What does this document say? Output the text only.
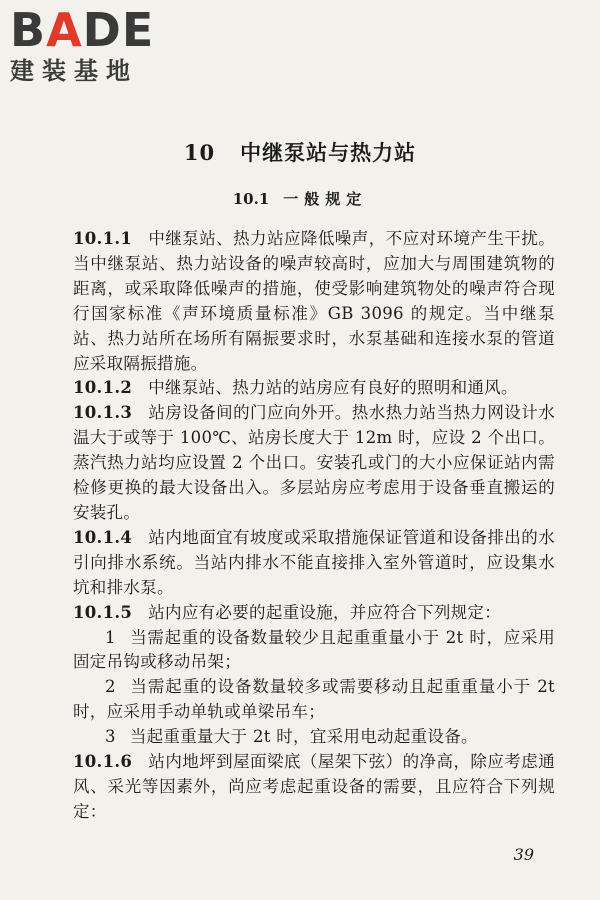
BADE
建装基地
10 中继泵站与热力站
10.1 一般规定

10.1.1 中继泵站、热力站应降低噪声，不应对环境产生干扰。当中继泵站、热力站设备的噪声较高时，应加大与周围建筑物的距离，或采取降低噪声的措施，使受影响建筑物处的噪声符合现行国家标准《声环境质量标准》GB 3096 的规定。当中继泵站、热力站所在场所有隔振要求时，水泵基础和连接水泵的管道应采取隔振措施。

10.1.2 中继泵站、热力站的站房应有良好的照明和通风。

10.1.3 站房设备间的门应向外开。热水热力站当热力网设计水温大于或等于 100℃、站房长度大于 12m 时，应设 2 个出口。蒸汽热力站均应设置 2 个出口。安装孔或门的大小应保证站内需检修更换的最大设备出入。多层站房应考虑用于设备垂直搬运的安装孔。

10.1.4 站内地面宜有坡度或采取措施保证管道和设备排出的水引向排水系统。当站内排水不能直接排入室外管道时，应设集水坑和排水泵。

10.1.5 站内应有必要的起重设施，并应符合下列规定：

1 当需起重的设备数量较少且起重重量小于 2t 时，应采用固定吊钩或移动吊架；

2 当需起重的设备数量较多或需要移动且起重重量小于 2t 时，应采用手动单轨或单梁吊车；

3 当起重重量大于 2t 时，宜采用电动起重设备。

10.1.6 站内地坪到屋面梁底（屋架下弦）的净高，除应考虑通风、采光等因素外，尚应考虑起重设备的需要，且应符合下列规定：

39
